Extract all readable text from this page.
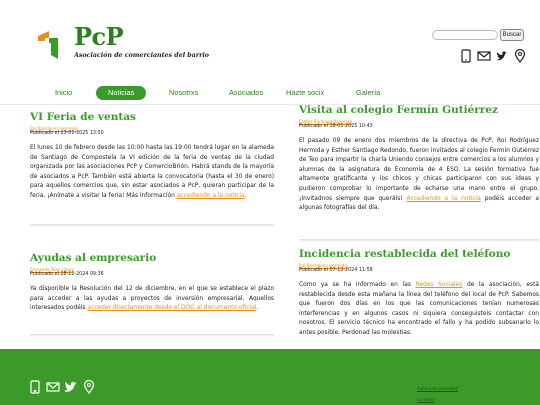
PcP
Asociación de comerciantes del barrio
Buscar
Inicio	Noticias	Nosotrxs	Asociados	Hazte socix	Galería
VI Feria de ventas
Roi Rodríguez Hermida
Publicado el 23-01-2025 13:50

El lunes 10 de febrero desde las 10:00 hasta las 19:00 tendrá lugar en la alameda de Santiago de Compostela la VI edición de la feria de ventas de la ciudad organizada por las asociaciones PcP y ComercioBrión. Habrá stands de la mayoría de asociados a PcP. También está abierta la convocatoria (hasta el 30 de enero) para aquellos comercios que, sin estar asociados a PcP, quieran participar de la feria. ¡Anímate a visitar la feria! Más información accediendo a la noticia.

Visita al colegio Fermín Gutiérrez
Esther Santiago Redondo
Publicado el 18-01-2025 10:43

El pasado 09 de enero dos miembros de la directiva de PcP, Roi Rodríguez Hermida y Esther Santiago Redondo, fueron invitados al colegio Fermín Gutiérrez de Teo para impartir la charla Uniendo consejos entre comercios a los alumnos y alumnas de la asignatura de Economía de 4 ESO. La sesión formativa fue altamente gratificante y los chicos y chicas participaron con sus ideas y pudieron comprobar lo importante de echarse una mano entre el grupo. ¡Invitadnos siempre que queráis! Accediendo a la noticia podéis acceder a algunas fotografías del día.

Ayudas al empresario
Fernanda Díaz López
Publicado el 28-12-2024 09:36

Ya disponible la Resolución del 12 de diciembre, en el que se establece el plazo para acceder a las ayudas a proyectos de inversión empresarial. Aquellos interesados podéis acceder directamente desde el DOG al documento oficial.

Incidencia restablecida del teléfono
Roi Rodríguez Hermida
Publicado el 07-12-2024 11:58

Como ya se ha informado en las Redes Sociales de la asociación, está restablecida desde esta mañana la línea del teléfono del local de PcP. Sabemos que fueron dos días en los que las comunicaciones tenían numerosas interferencias y en algunos casos ni siquiera conseguisteis contactar con nosotros. El servicio técnico ha encontrado el fallo y ha podido subsanarlo lo antes posible. Perdonad las molestias.

Política de privacidad
Contacto
